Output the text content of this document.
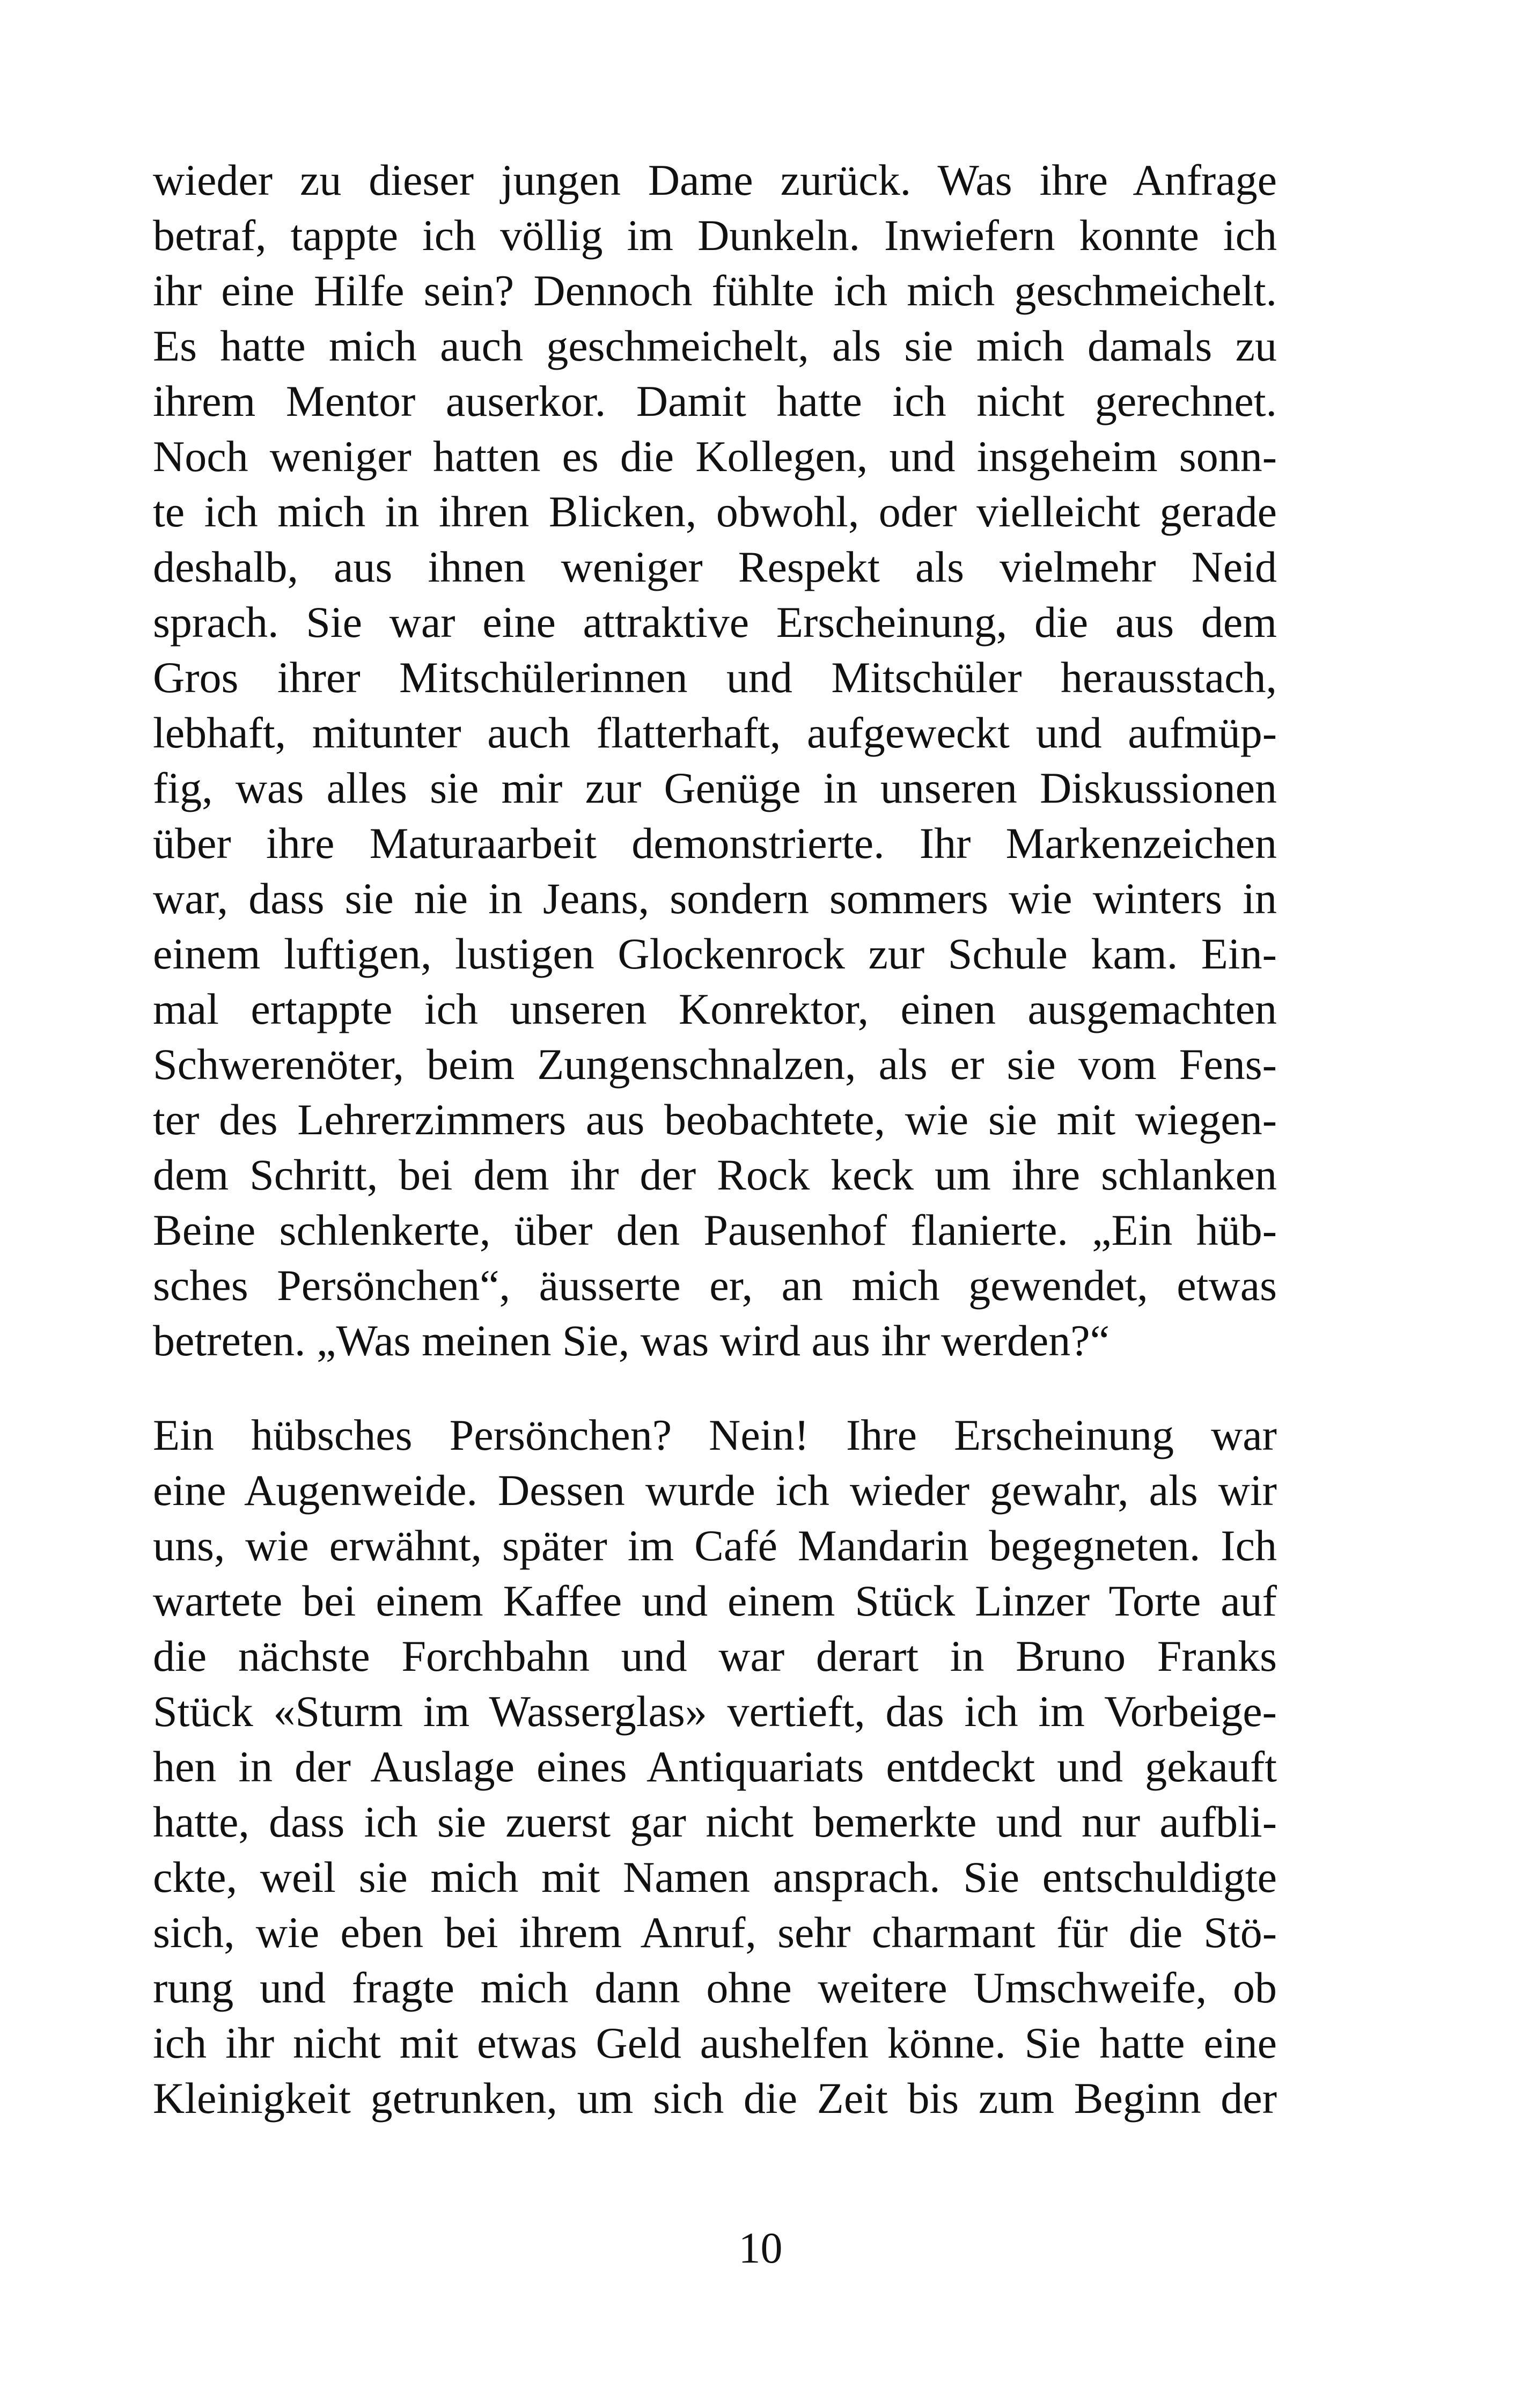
wieder zu dieser jungen Dame zurück. Was ihre Anfrage
betraf, tappte ich völlig im Dunkeln. Inwiefern konnte ich
ihr eine Hilfe sein? Dennoch fühlte ich mich geschmeichelt.
Es hatte mich auch geschmeichelt, als sie mich damals zu
ihrem Mentor auserkor. Damit hatte ich nicht gerechnet.
Noch weniger hatten es die Kollegen, und insgeheim sonn-
te ich mich in ihren Blicken, obwohl, oder vielleicht gerade
deshalb, aus ihnen weniger Respekt als vielmehr Neid
sprach. Sie war eine attraktive Erscheinung, die aus dem
Gros ihrer Mitschülerinnen und Mitschüler herausstach,
lebhaft, mitunter auch flatterhaft, aufgeweckt und aufmüp-
fig, was alles sie mir zur Genüge in unseren Diskussionen
über ihre Maturaarbeit demonstrierte. Ihr Markenzeichen
war, dass sie nie in Jeans, sondern sommers wie winters in
einem luftigen, lustigen Glockenrock zur Schule kam. Ein-
mal ertappte ich unseren Konrektor, einen ausgemachten
Schwerenöter, beim Zungenschnalzen, als er sie vom Fens-
ter des Lehrerzimmers aus beobachtete, wie sie mit wiegen-
dem Schritt, bei dem ihr der Rock keck um ihre schlanken
Beine schlenkerte, über den Pausenhof flanierte. „Ein hüb-
sches Persönchen“, äusserte er, an mich gewendet, etwas
betreten. „Was meinen Sie, was wird aus ihr werden?“
Ein hübsches Persönchen? Nein! Ihre Erscheinung war
eine Augenweide. Dessen wurde ich wieder gewahr, als wir
uns, wie erwähnt, später im Café Mandarin begegneten. Ich
wartete bei einem Kaffee und einem Stück Linzer Torte auf
die nächste Forchbahn und war derart in Bruno Franks
Stück «Sturm im Wasserglas» vertieft, das ich im Vorbeige-
hen in der Auslage eines Antiquariats entdeckt und gekauft
hatte, dass ich sie zuerst gar nicht bemerkte und nur aufbli-
ckte, weil sie mich mit Namen ansprach. Sie entschuldigte
sich, wie eben bei ihrem Anruf, sehr charmant für die Stö-
rung und fragte mich dann ohne weitere Umschweife, ob
ich ihr nicht mit etwas Geld aushelfen könne. Sie hatte eine
Kleinigkeit getrunken, um sich die Zeit bis zum Beginn der
10
